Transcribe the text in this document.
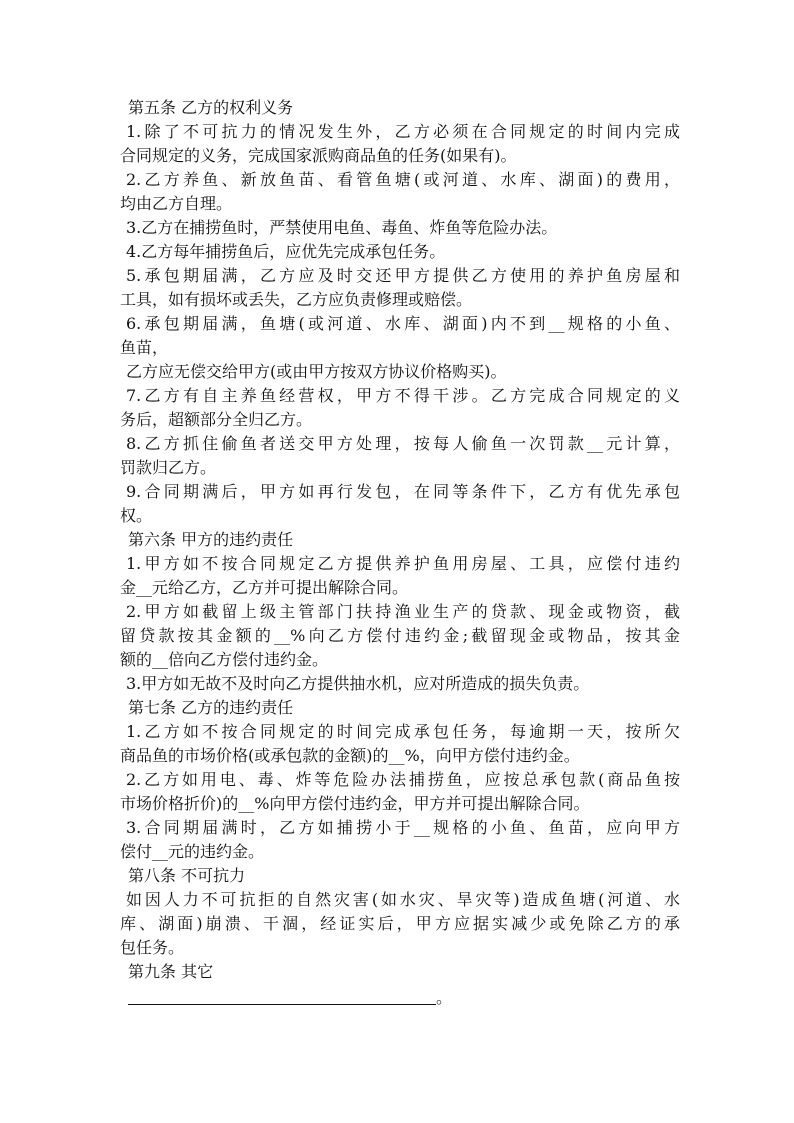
第五条 乙方的权利义务
1.除了不可抗力的情况发生外，乙方必须在合同规定的时间内完成
合同规定的义务，完成国家派购商品鱼的任务(如果有)。
2.乙方养鱼、新放鱼苗、看管鱼塘(或河道、水库、湖面)的费用，
均由乙方自理。
3.乙方在捕捞鱼时，严禁使用电鱼、毒鱼、炸鱼等危险办法。
4.乙方每年捕捞鱼后，应优先完成承包任务。
5.承包期届满，乙方应及时交还甲方提供乙方使用的养护鱼房屋和
工具，如有损坏或丢失，乙方应负责修理或赔偿。
6.承包期届满，鱼塘(或河道、水库、湖面)内不到__规格的小鱼、
鱼苗，
乙方应无偿交给甲方(或由甲方按双方协议价格购买)。
7.乙方有自主养鱼经营权，甲方不得干涉。乙方完成合同规定的义
务后，超额部分全归乙方。
8.乙方抓住偷鱼者送交甲方处理，按每人偷鱼一次罚款__元计算，
罚款归乙方。
9.合同期满后，甲方如再行发包，在同等条件下，乙方有优先承包
权。
第六条 甲方的违约责任
1.甲方如不按合同规定乙方提供养护鱼用房屋、工具，应偿付违约
金__元给乙方，乙方并可提出解除合同。
2.甲方如截留上级主管部门扶持渔业生产的贷款、现金或物资，截
留贷款按其金额的__%向乙方偿付违约金;截留现金或物品，按其金
额的__倍向乙方偿付违约金。
3.甲方如无故不及时向乙方提供抽水机，应对所造成的损失负责。
第七条 乙方的违约责任
1.乙方如不按合同规定的时间完成承包任务，每逾期一天，按所欠
商品鱼的市场价格(或承包款的金额)的__%，向甲方偿付违约金。
2.乙方如用电、毒、炸等危险办法捕捞鱼，应按总承包款(商品鱼按
市场价格折价)的__%向甲方偿付违约金，甲方并可提出解除合同。
3.合同期届满时，乙方如捕捞小于__规格的小鱼、鱼苗，应向甲方
偿付__元的违约金。
第八条 不可抗力
如因人力不可抗拒的自然灾害(如水灾、旱灾等)造成鱼塘(河道、水
库、湖面)崩溃、干涸，经证实后，甲方应据实减少或免除乙方的承
包任务。
第九条 其它
。
